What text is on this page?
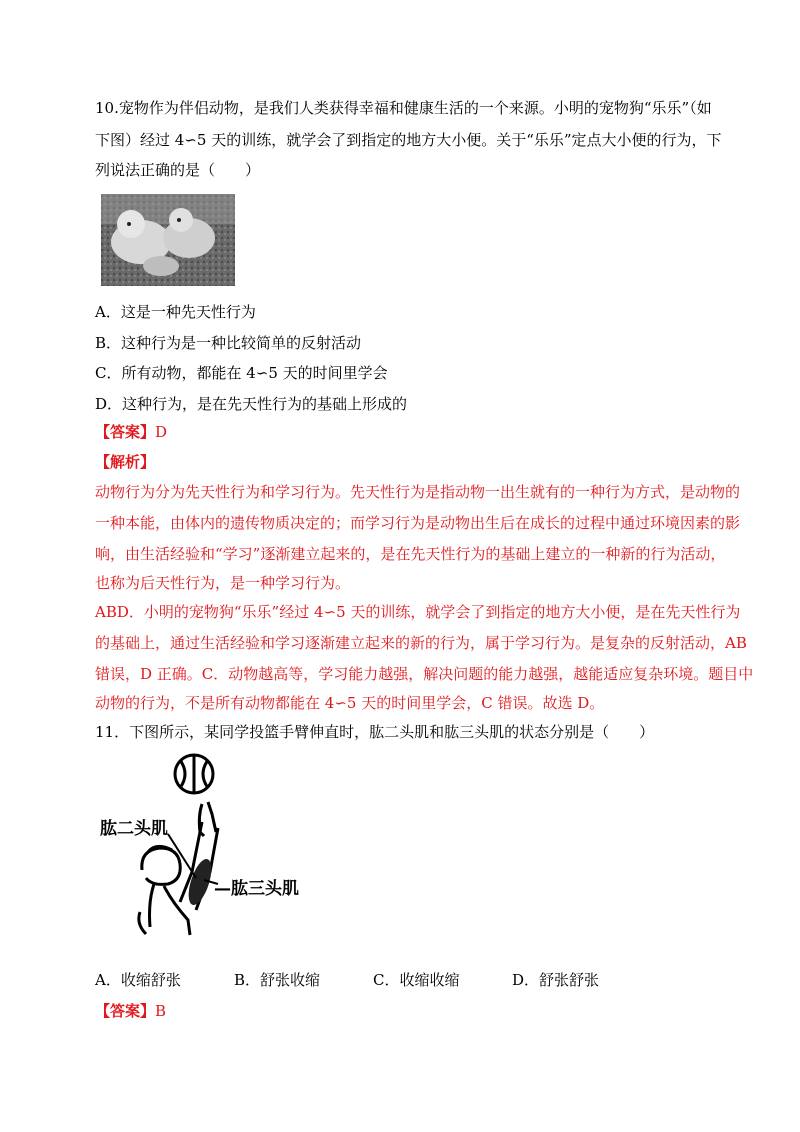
10.宠物作为伴侣动物，是我们人类获得幸福和健康生活的一个来源。小明的宠物狗“乐乐”（如
下图）经过 4∽5 天的训练，就学会了到指定的地方大小便。关于“乐乐”定点大小便的行为，下
列说法正确的是（　　）
A．这是一种先天性行为
B．这种行为是一种比较简单的反射活动
C．所有动物，都能在 4∽5 天的时间里学会
D．这种行为，是在先天性行为的基础上形成的
【答案】D
【解析】
动物行为分为先天性行为和学习行为。先天性行为是指动物一出生就有的一种行为方式，是动物的
一种本能，由体内的遗传物质决定的；而学习行为是动物出生后在成长的过程中通过环境因素的影
响，由生活经验和“学习”逐渐建立起来的，是在先天性行为的基础上建立的一种新的行为活动，
也称为后天性行为，是一种学习行为。
ABD．小明的宠物狗“乐乐”经过 4∽5 天的训练，就学会了到指定的地方大小便，是在先天性行为
的基础上，通过生活经验和学习逐渐建立起来的新的行为，属于学习行为。是复杂的反射活动，AB
错误，D 正确。C．动物越高等，学习能力越强，解决问题的能力越强，越能适应复杂环境。题目中
动物的行为，不是所有动物都能在 4∽5 天的时间里学会，C 错误。故选 D。
11．下图所示，某同学投篮手臂伸直时，肱二头肌和肱三头肌的状态分别是（　　）
肱二头肌
—肱三头肌
A．收缩舒张	B．舒张收缩	C．收缩收缩	D．舒张舒张
【答案】B
